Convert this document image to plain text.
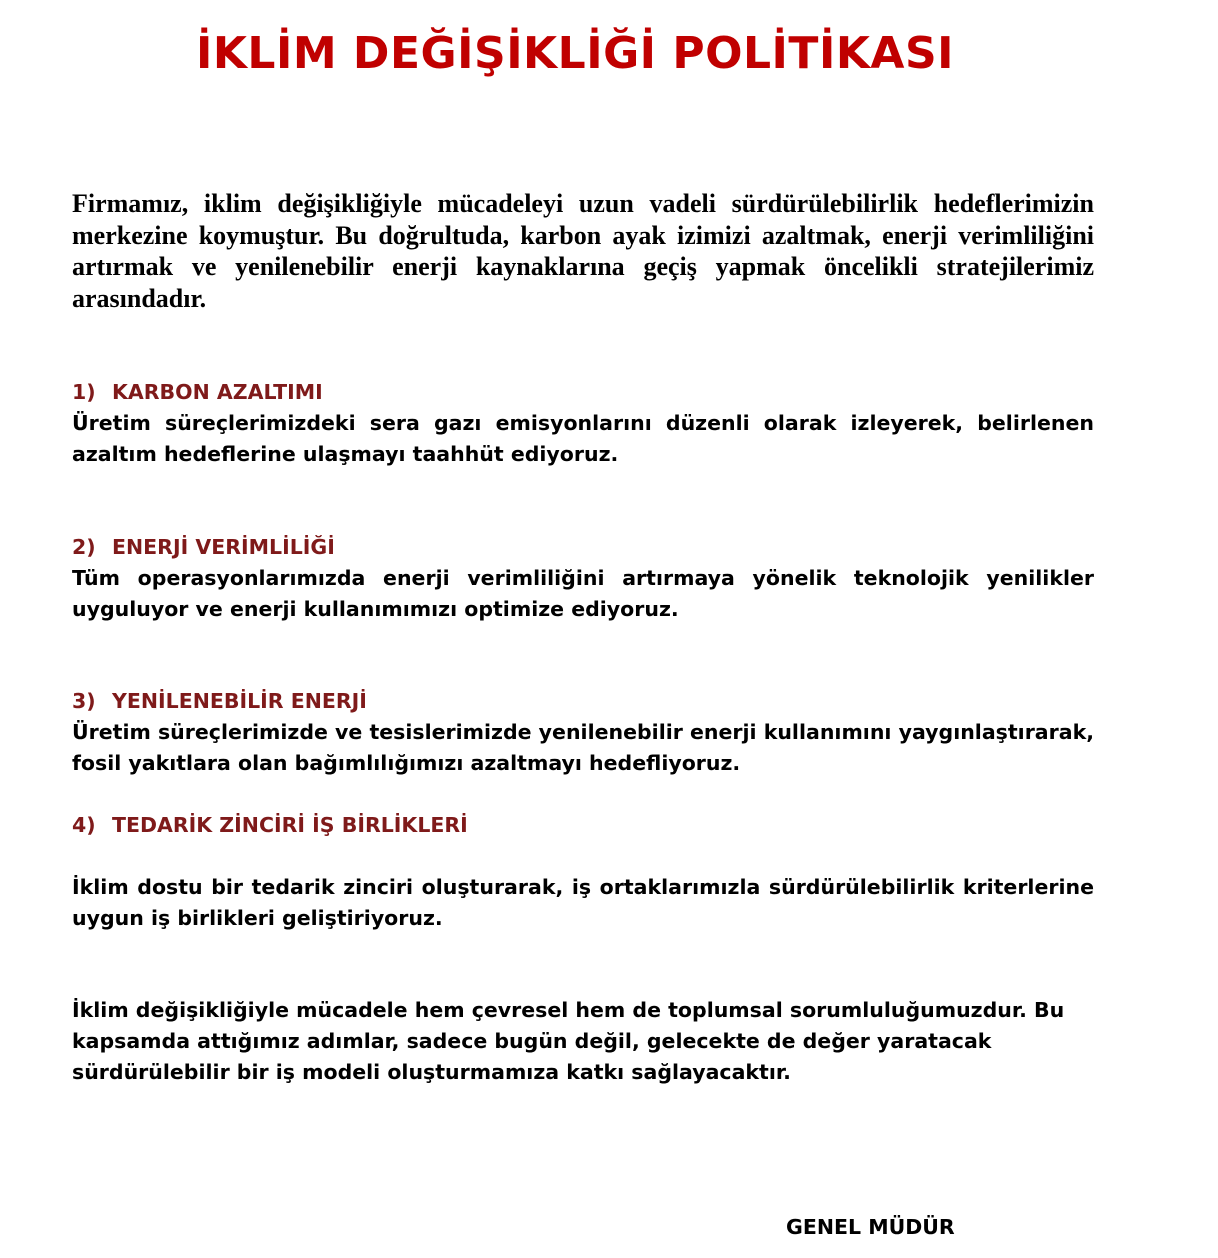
İKLİM DEĞİŞİKLİĞİ POLİTİKASI

Firmamız, iklim değişikliğiyle mücadeleyi uzun vadeli sürdürülebilirlik hedeflerimizin merkezine koymuştur. Bu doğrultuda, karbon ayak izimizi azaltmak, enerji verimliliğini artırmak ve yenilenebilir enerji kaynaklarına geçiş yapmak öncelikli stratejilerimiz arasındadır.

1) KARBON AZALTIMI

Üretim süreçlerimizdeki sera gazı emisyonlarını düzenli olarak izleyerek, belirlenen azaltım hedeflerine ulaşmayı taahhüt ediyoruz.

2) ENERJİ VERİMLİLİĞİ

Tüm operasyonlarımızda enerji verimliliğini artırmaya yönelik teknolojik yenilikler uyguluyor ve enerji kullanımımızı optimize ediyoruz.

3) YENİLENEBİLİR ENERJİ

Üretim süreçlerimizde ve tesislerimizde yenilenebilir enerji kullanımını yaygınlaştırarak, fosil yakıtlara olan bağımlılığımızı azaltmayı hedefliyoruz.

4) TEDARİK ZİNCİRİ İŞ BİRLİKLERİ

İklim dostu bir tedarik zinciri oluşturarak, iş ortaklarımızla sürdürülebilirlik kriterlerine uygun iş birlikleri geliştiriyoruz.

İklim değişikliğiyle mücadele hem çevresel hem de toplumsal sorumluluğumuzdur. Bu kapsamda attığımız adımlar, sadece bugün değil, gelecekte de değer yaratacak sürdürülebilir bir iş modeli oluşturmamıza katkı sağlayacaktır.

GENEL MÜDÜR
